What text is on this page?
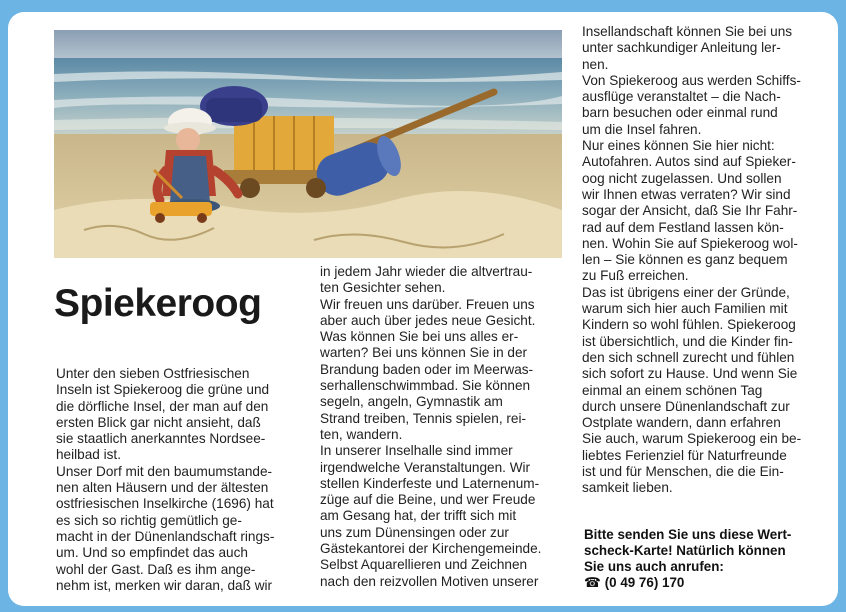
Spiekeroog
Unter den sieben Ostfriesischen
Inseln ist Spiekeroog die grüne und
die dörfliche Insel, der man auf den
ersten Blick gar nicht ansieht, daß
sie staatlich anerkanntes Nordsee-
heilbad ist.
Unser Dorf mit den baumumstande-
nen alten Häusern und der ältesten
ostfriesischen Inselkirche (1696) hat
es sich so richtig gemütlich ge-
macht in der Dünenlandschaft rings-
um. Und so empfindet das auch
wohl der Gast. Daß es ihm ange-
nehm ist, merken wir daran, daß wir
in jedem Jahr wieder die altvertrau-
ten Gesichter sehen.
Wir freuen uns darüber. Freuen uns
aber auch über jedes neue Gesicht.
Was können Sie bei uns alles er-
warten? Bei uns können Sie in der
Brandung baden oder im Meerwas-
serhallenschwimmbad. Sie können
segeln, angeln, Gymnastik am
Strand treiben, Tennis spielen, rei-
ten, wandern.
In unserer Inselhalle sind immer
irgendwelche Veranstaltungen. Wir
stellen Kinderfeste und Laternenum-
züge auf die Beine, und wer Freude
am Gesang hat, der trifft sich mit
uns zum Dünensingen oder zur
Gästekantorei der Kirchengemeinde.
Selbst Aquarellieren und Zeichnen
nach den reizvollen Motiven unserer
Insellandschaft können Sie bei uns
unter sachkundiger Anleitung ler-
nen.
Von Spiekeroog aus werden Schiffs-
ausflüge veranstaltet – die Nach-
barn besuchen oder einmal rund
um die Insel fahren.
Nur eines können Sie hier nicht:
Autofahren. Autos sind auf Spieker-
oog nicht zugelassen. Und sollen
wir Ihnen etwas verraten? Wir sind
sogar der Ansicht, daß Sie Ihr Fahr-
rad auf dem Festland lassen kön-
nen. Wohin Sie auf Spiekeroog wol-
len – Sie können es ganz bequem
zu Fuß erreichen.
Das ist übrigens einer der Gründe,
warum sich hier auch Familien mit
Kindern so wohl fühlen. Spiekeroog
ist übersichtlich, und die Kinder fin-
den sich schnell zurecht und fühlen
sich sofort zu Hause. Und wenn Sie
einmal an einem schönen Tag
durch unsere Dünenlandschaft zur
Ostplate wandern, dann erfahren
Sie auch, warum Spiekeroog ein be-
liebtes Ferienziel für Naturfreunde
ist und für Menschen, die die Ein-
samkeit lieben.
Bitte senden Sie uns diese Wert-
scheck-Karte! Natürlich können
Sie uns auch anrufen:
☎ (0 49 76) 170
